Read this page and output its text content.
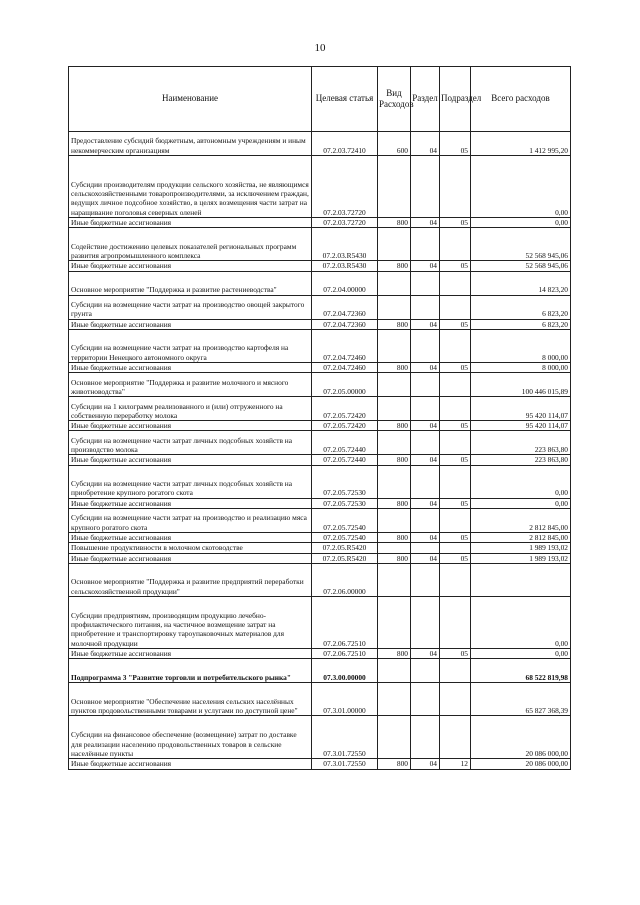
10
Наименование	Целевая статья	Вид Расходов	Раздел	Подраздел	Всего расходов
Предоставление субсидий бюджетным, автономным учреждениям и иным некоммерческим организациям	07.2.03.72410	600	04	05	1 412 995,20
Субсидии производителям продукции сельского хозяйства, не являющимся сельскохозяйственными товаропроизводителями, за исключением граждан, ведущих личное подсобное хозяйство, в целях возмещения части затрат на наращивание поголовья северных оленей	07.2.03.72720				0,00
Иные бюджетные ассигнования	07.2.03.72720	800	04	05	0,00
Содействие достижению целевых показателей региональных программ развития агропромышленного комплекса	07.2.03.R5430				52 568 945,06
Иные бюджетные ассигнования	07.2.03.R5430	800	04	05	52 568 945,06
Основное мероприятие "Поддержка и развитие растениеводства"	07.2.04.00000				14 823,20
Субсидии на возмещение части затрат на производство овощей закрытого грунта	07.2.04.72360				6 823,20
Иные бюджетные ассигнования	07.2.04.72360	800	04	05	6 823,20
Субсидии на возмещение части затрат на производство картофеля на территории Ненецкого автономного округа	07.2.04.72460				8 000,00
Иные бюджетные ассигнования	07.2.04.72460	800	04	05	8 000,00
Основное мероприятие "Поддержка и развитие молочного и мясного животноводства"	07.2.05.00000				100 446 015,89
Субсидии на 1 килограмм реализованного и (или) отгруженного на собственную переработку молока	07.2.05.72420				95 420 114,07
Иные бюджетные ассигнования	07.2.05.72420	800	04	05	95 420 114,07
Субсидии на возмещение части затрат личных подсобных хозяйств на производство молока	07.2.05.72440				223 863,80
Иные бюджетные ассигнования	07.2.05.72440	800	04	05	223 863,80
Субсидии на возмещение части затрат личных подсобных хозяйств на приобретение крупного рогатого скота	07.2.05.72530				0,00
Иные бюджетные ассигнования	07.2.05.72530	800	04	05	0,00
Субсидии на возмещение части затрат на производство и реализацию мяса крупного рогатого скота	07.2.05.72540				2 812 845,00
Иные бюджетные ассигнования	07.2.05.72540	800	04	05	2 812 845,00
Повышение продуктивности в молочном скотоводстве	07.2.05.R5420				1 989 193,02
Иные бюджетные ассигнования	07.2.05.R5420	800	04	05	1 989 193,02
Основное мероприятие "Поддержка и развитие предприятий переработки сельскохозяйственной продукции"	07.2.06.00000				
Субсидии предприятиям, производящим продукцию лечебно-профилактического питания, на частичное возмещение затрат на приобретение и транспортировку тарoупаковочных материалов для молочной продукции	07.2.06.72510				0,00
Иные бюджетные ассигнования	07.2.06.72510	800	04	05	0,00
Подпрограмма 3 "Развитие торговли и потребительского рынка"	07.3.00.00000				68 522 819,98
Основное мероприятие "Обеспечение населения сельских населённых пунктов продовольственными товарами и услугами по доступной цене"	07.3.01.00000				65 827 368,39
Субсидии на финансовое обеспечение (возмещение) затрат по доставке для реализации населению продовольственных товаров в сельские населённые пункты	07.3.01.72550				20 086 000,00
Иные бюджетные ассигнования	07.3.01.72550	800	04	12	20 086 000,00
